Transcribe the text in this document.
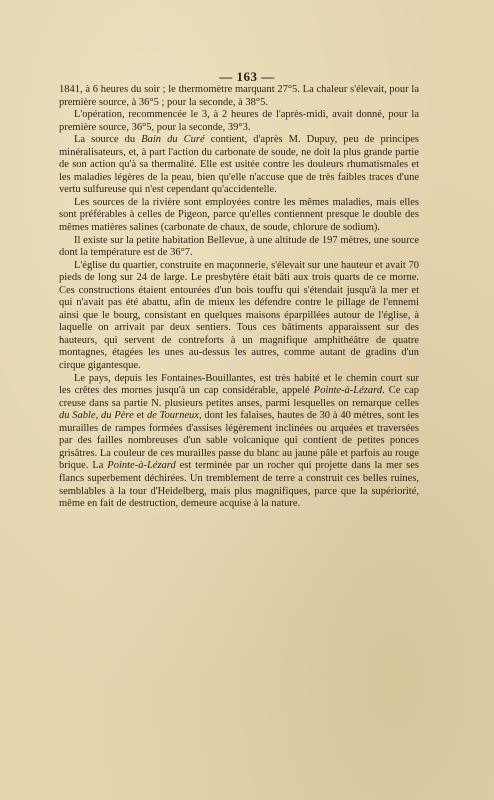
— 163 —

1841, à 6 heures du soir ; le thermomètre marquant 27°5. La chaleur s'élevait, pour la première source, à 36°5 ; pour la seconde, à 38°5.

L'opération, recommencée le 3, à 2 heures de l'après-midi, avait donné, pour la première source, 36°5, pour la seconde, 39°3.

La source du Bain du Curé contient, d'après M. Dupuy, peu de principes minéralisateurs, et, à part l'action du carbonate de soude, ne doit la plus grande partie de son action qu'à sa thermalité. Elle est usitée contre les douleurs rhumatismales et les maladies légères de la peau, bien qu'elle n'accuse que de très faibles traces d'une vertu sulfureuse qui n'est cependant qu'accidentelle.

Les sources de la rivière sont employées contre les mêmes maladies, mais elles sont préférables à celles de Pigeon, parce qu'elles contiennent presque le double des mêmes matières salines (carbonate de chaux, de soude, chlorure de sodium).

Il existe sur la petite habitation Bellevue, à une altitude de 197 mètres, une source dont la température est de 36°7.

L'église du quartier, construite en maçonnerie, s'élevait sur une hauteur et avait 70 pieds de long sur 24 de large. Le presbytère était bâti aux trois quarts de ce morne. Ces constructions étaient entourées d'un bois touffu qui s'étendait jusqu'à la mer et qui n'avait pas été abattu, afin de mieux les défendre contre le pillage de l'ennemi ainsi que le bourg, consistant en quelques maisons éparpillées autour de l'église, à laquelle on arrivait par deux sentiers. Tous ces bâtiments apparaissent sur des hauteurs, qui servent de contreforts à un magnifique amphithéâtre de quatre montagnes, étagées les unes au-dessus les autres, comme autant de gradins d'un cirque gigantesque.

Le pays, depuis les Fontaines-Bouillantes, est très habité et le chemin court sur les crêtes des mornes jusqu'à un cap considérable, appelé Pointe-à-Lézard. Ce cap creuse dans sa partie N. plusieurs petites anses, parmi lesquelles on remarque celles du Sable, du Père et de Tourneux, dont les falaises, hautes de 30 à 40 mètres, sont les murailles de rampes formées d'assises légèrement inclinées ou arquées et traversées par des failles nombreuses d'un sable volcanique qui contient de petites ponces grisâtres. La couleur de ces murailles passe du blanc au jaune pâle et parfois au rouge brique. La Pointe-à-Lézard est terminée par un rocher qui projette dans la mer ses flancs superbement déchirées. Un tremblement de terre a construit ces belles ruines, semblables à la tour d'Heidelberg, mais plus magnifiques, parce que la supériorité, même en fait de destruction, demeure acquise à la nature.
